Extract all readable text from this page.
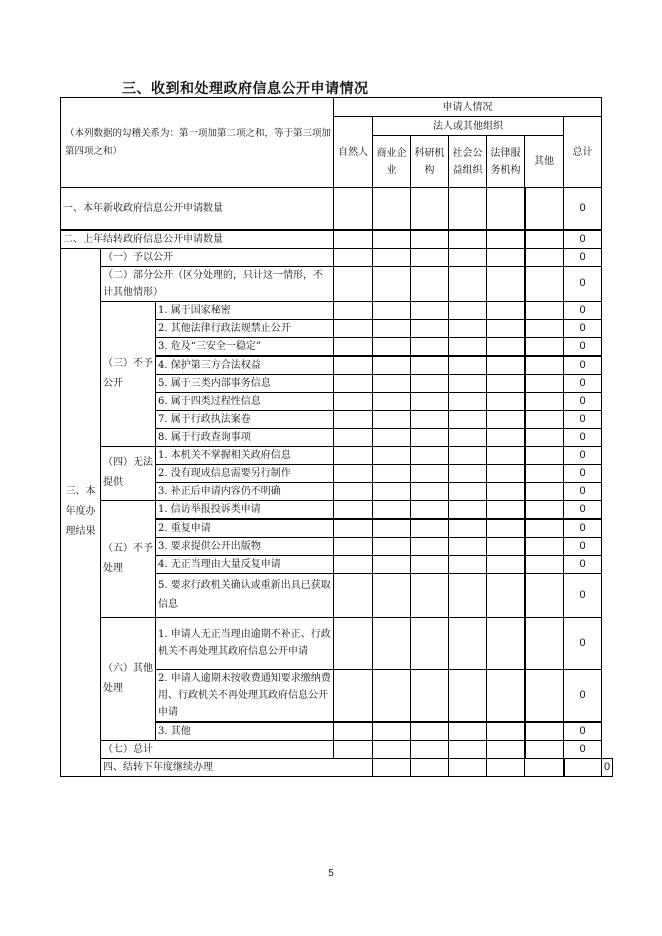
三、收到和处理政府信息公开申请情况
（本列数据的勾稽关系为：第一项加第二项之和，等于第三项加第四项之和）			申请人情况							
			自然人	法人或其他组织					总计	
				商业企业	科研机构	社会公益组织	法律服务机构	其他		
一、本年新收政府信息公开申请数量									0	
二、上年结转政府信息公开申请数量									0	
三、本年度办理结果	（一）予以公开								0	
	（二）部分公开（区分处理的，只计这一情形，不计其他情形）								0	
	（三）不予公开	1. 属于国家秘密							0	
		2. 其他法律行政法规禁止公开							0	
		3. 危及“三安全一稳定”							0	
		4. 保护第三方合法权益							0	
		5. 属于三类内部事务信息							0	
		6. 属于四类过程性信息							0	
		7. 属于行政执法案卷							0	
		8. 属于行政查询事项							0	
	（四）无法提供	1. 本机关不掌握相关政府信息							0	
		2. 没有现成信息需要另行制作							0	
		3. 补正后申请内容仍不明确							0	
	（五）不予处理	1. 信访举报投诉类申请							0	
		2. 重复申请							0	
		3. 要求提供公开出版物							0	
		4. 无正当理由大量反复申请							0	
		5. 要求行政机关确认或重新出具已获取信息							0	
	（六）其他处理	1. 申请人无正当理由逾期不补正、行政机关不再处理其政府信息公开申请							0	
		2. 申请人逾期未按收费通知要求缴纳费用、行政机关不再处理其政府信息公开申请							0	
		3. 其他							0	
	（七）总计								0	
	四、结转下年度继续办理									0
5
